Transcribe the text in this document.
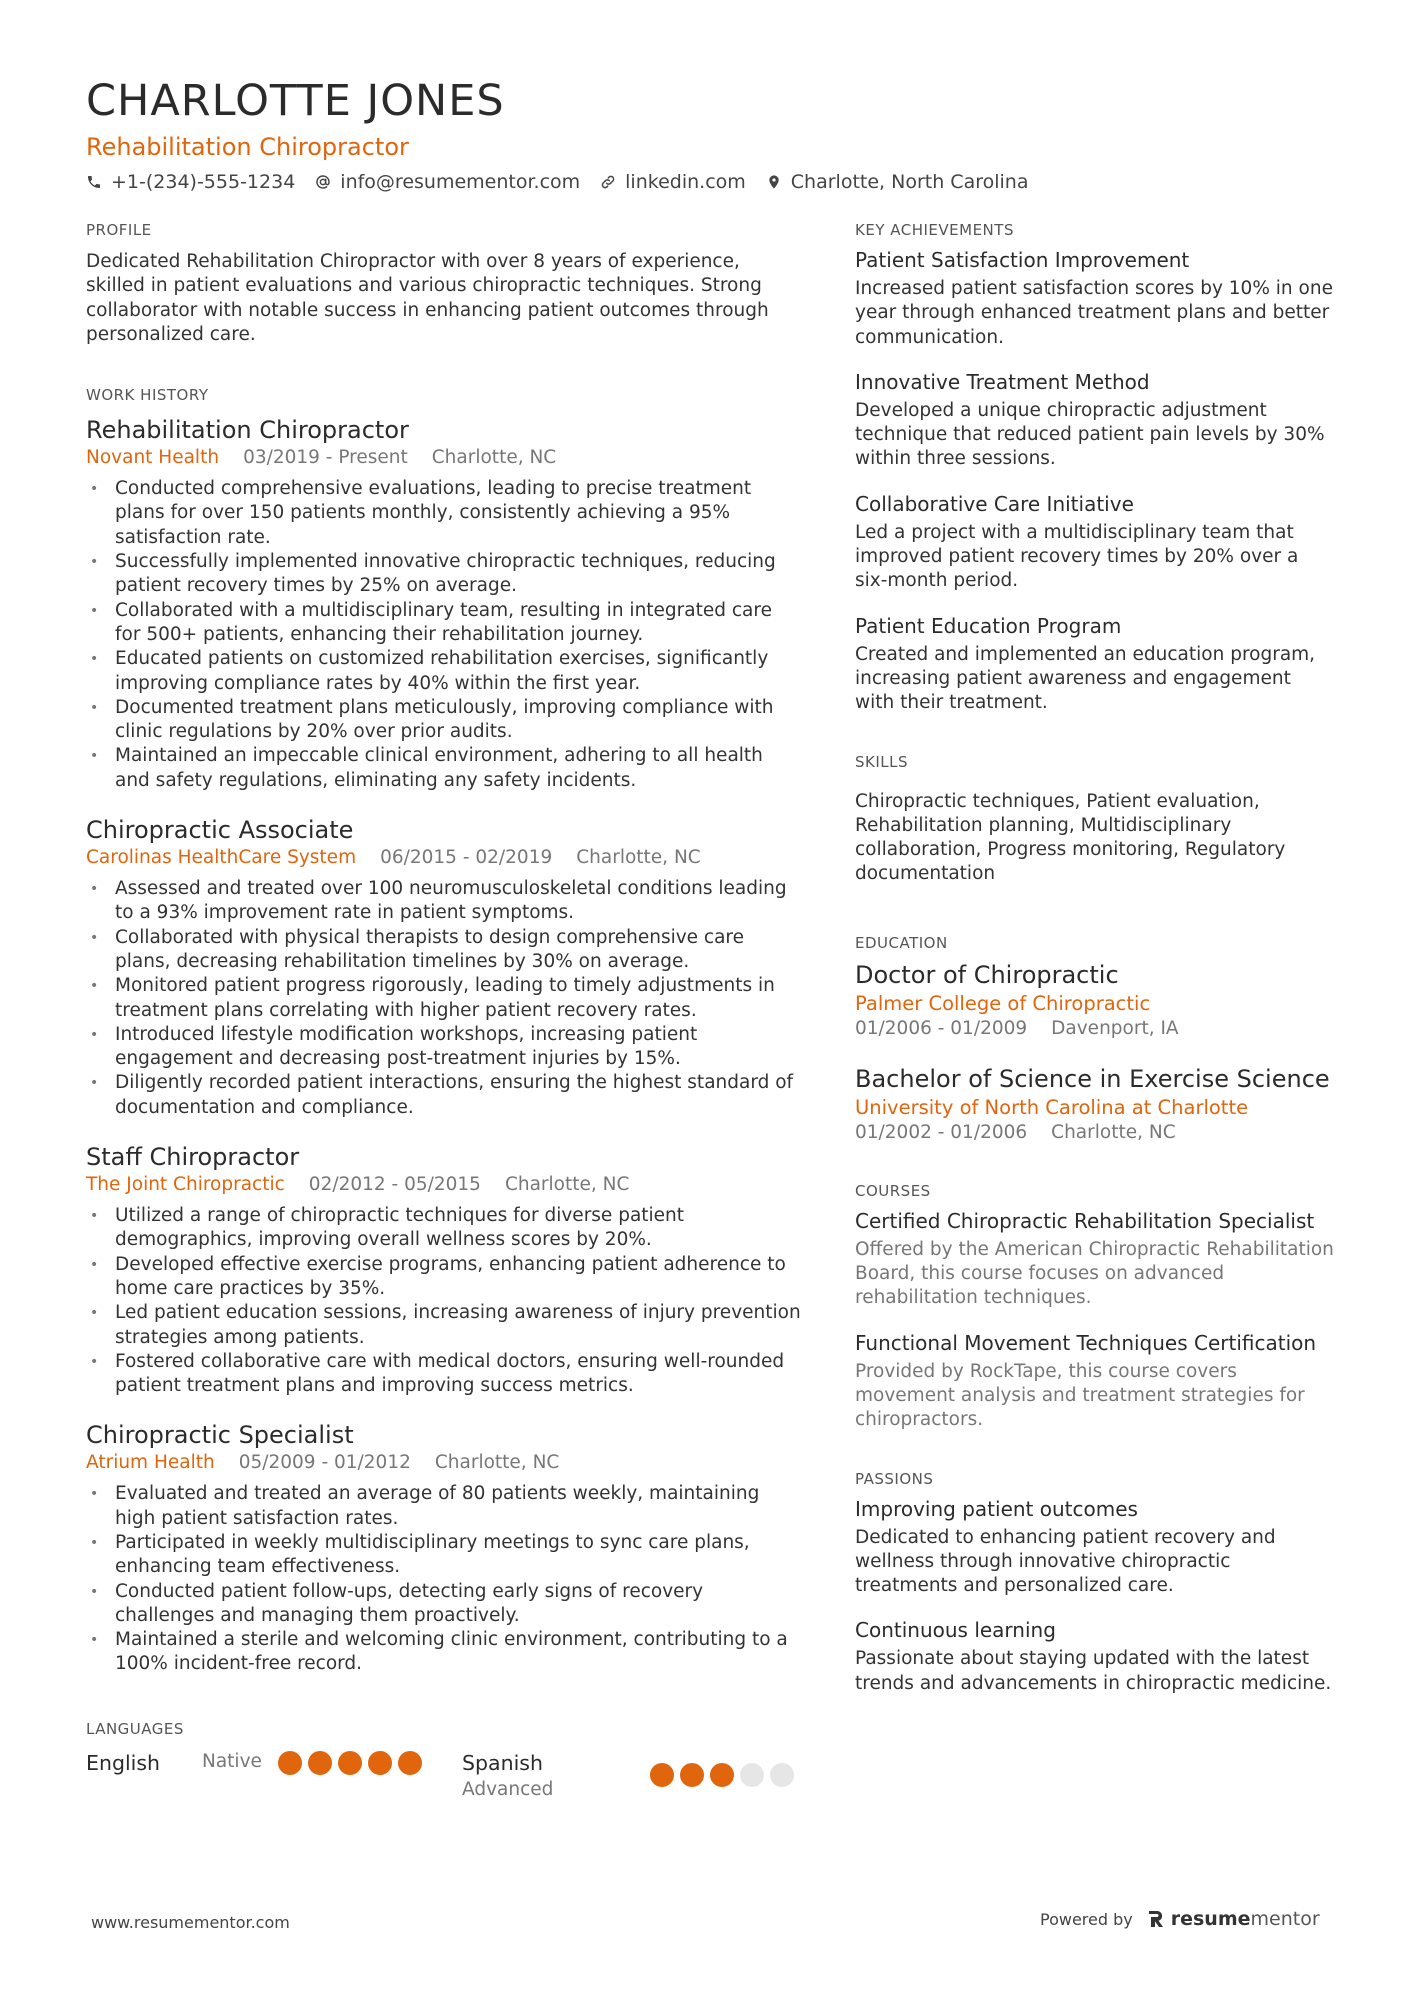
CHARLOTTE JONES
Rehabilitation Chiropractor
+1-(234)-555-1234 info@resumementor.com linkedin.com Charlotte, North Carolina
PROFILE
Dedicated Rehabilitation Chiropractor with over 8 years of experience, skilled in patient evaluations and various chiropractic techniques. Strong collaborator with notable success in enhancing patient outcomes through personalized care.
WORK HISTORY
Rehabilitation Chiropractor
Novant Health 03/2019 - Present Charlotte, NC
• Conducted comprehensive evaluations, leading to precise treatment plans for over 150 patients monthly, consistently achieving a 95% satisfaction rate.
• Successfully implemented innovative chiropractic techniques, reducing patient recovery times by 25% on average.
• Collaborated with a multidisciplinary team, resulting in integrated care for 500+ patients, enhancing their rehabilitation journey.
• Educated patients on customized rehabilitation exercises, significantly improving compliance rates by 40% within the first year.
• Documented treatment plans meticulously, improving compliance with clinic regulations by 20% over prior audits.
• Maintained an impeccable clinical environment, adhering to all health and safety regulations, eliminating any safety incidents.
Chiropractic Associate
Carolinas HealthCare System 06/2015 - 02/2019 Charlotte, NC
• Assessed and treated over 100 neuromusculoskeletal conditions leading to a 93% improvement rate in patient symptoms.
• Collaborated with physical therapists to design comprehensive care plans, decreasing rehabilitation timelines by 30% on average.
• Monitored patient progress rigorously, leading to timely adjustments in treatment plans correlating with higher patient recovery rates.
• Introduced lifestyle modification workshops, increasing patient engagement and decreasing post-treatment injuries by 15%.
• Diligently recorded patient interactions, ensuring the highest standard of documentation and compliance.
Staff Chiropractor
The Joint Chiropractic 02/2012 - 05/2015 Charlotte, NC
• Utilized a range of chiropractic techniques for diverse patient demographics, improving overall wellness scores by 20%.
• Developed effective exercise programs, enhancing patient adherence to home care practices by 35%.
• Led patient education sessions, increasing awareness of injury prevention strategies among patients.
• Fostered collaborative care with medical doctors, ensuring well-rounded patient treatment plans and improving success metrics.
Chiropractic Specialist
Atrium Health 05/2009 - 01/2012 Charlotte, NC
• Evaluated and treated an average of 80 patients weekly, maintaining high patient satisfaction rates.
• Participated in weekly multidisciplinary meetings to sync care plans, enhancing team effectiveness.
• Conducted patient follow-ups, detecting early signs of recovery challenges and managing them proactively.
• Maintained a sterile and welcoming clinic environment, contributing to a 100% incident-free record.
LANGUAGES
English	Native	Spanish
Advanced
KEY ACHIEVEMENTS
Patient Satisfaction Improvement
Increased patient satisfaction scores by 10% in one year through enhanced treatment plans and better communication.
Innovative Treatment Method
Developed a unique chiropractic adjustment technique that reduced patient pain levels by 30% within three sessions.
Collaborative Care Initiative
Led a project with a multidisciplinary team that improved patient recovery times by 20% over a six-month period.
Patient Education Program
Created and implemented an education program, increasing patient awareness and engagement with their treatment.
SKILLS
Chiropractic techniques, Patient evaluation, Rehabilitation planning, Multidisciplinary collaboration, Progress monitoring, Regulatory documentation
EDUCATION
Doctor of Chiropractic
Palmer College of Chiropractic
01/2006 - 01/2009 Davenport, IA
Bachelor of Science in Exercise Science
University of North Carolina at Charlotte
01/2002 - 01/2006 Charlotte, NC
COURSES
Certified Chiropractic Rehabilitation Specialist
Offered by the American Chiropractic Rehabilitation Board, this course focuses on advanced rehabilitation techniques.
Functional Movement Techniques Certification
Provided by RockTape, this course covers movement analysis and treatment strategies for chiropractors.
PASSIONS
Improving patient outcomes
Dedicated to enhancing patient recovery and wellness through innovative chiropractic treatments and personalized care.
Continuous learning
Passionate about staying updated with the latest trends and advancements in chiropractic medicine.
www.resumementor.com	Powered by resumementor
